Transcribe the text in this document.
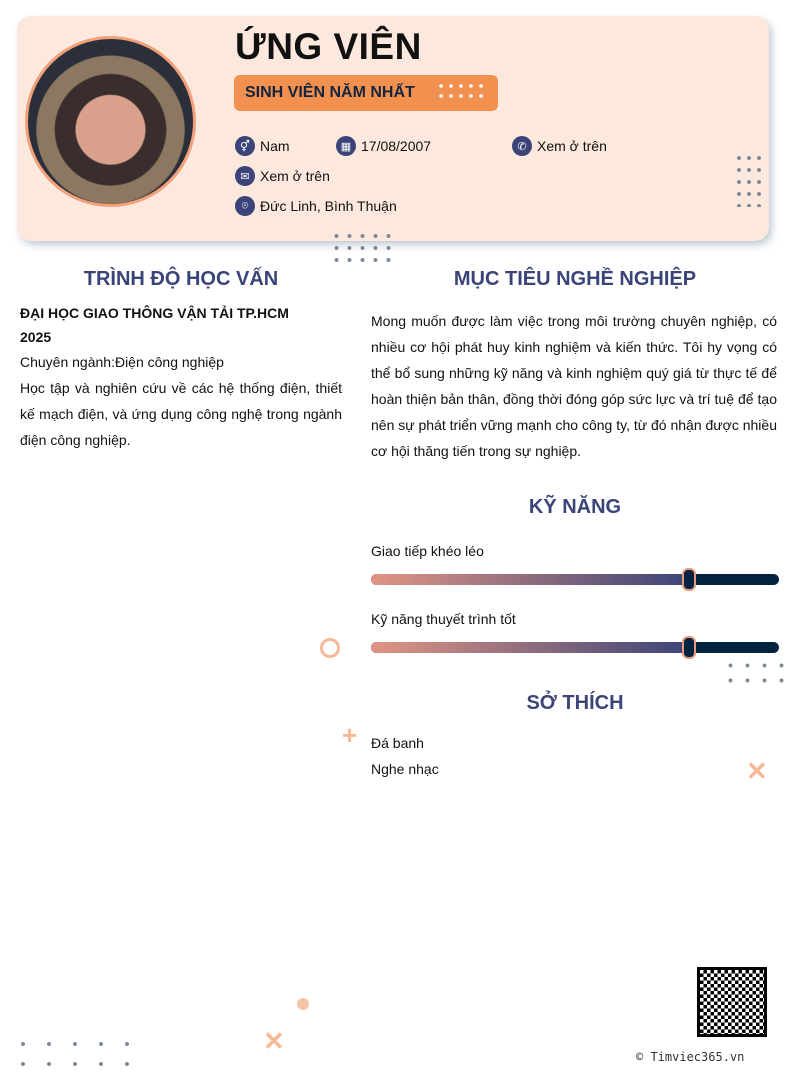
ỨNG VIÊN
SINH VIÊN NĂM NHẤT
⚥ Nam	▦ 17/08/2007	✆ Xem ở trên
✉ Xem ở trên
⌾ Đức Linh, Bình Thuận
TRÌNH ĐỘ HỌC VẤN
ĐẠI HỌC GIAO THÔNG VẬN TẢI TP.HCM
2025
Chuyên ngành:Điện công nghiệp
Học tập và nghiên cứu về các hệ thống điện, thiết kế mạch điện, và ứng dụng công nghệ trong ngành điện công nghiệp.
MỤC TIÊU NGHỀ NGHIỆP
Mong muốn được làm việc trong môi trường chuyên nghiệp, có nhiều cơ hội phát huy kinh nghiệm và kiến thức. Tôi hy vọng có thể bổ sung những kỹ năng và kinh nghiệm quý giá từ thực tế để hoàn thiện bản thân, đồng thời đóng góp sức lực và trí tuệ để tạo nên sự phát triển vững mạnh cho công ty, từ đó nhận được nhiều cơ hội thăng tiến trong sự nghiệp.
KỸ NĂNG
Giao tiếp khéo léo
Kỹ năng thuyết trình tốt
SỞ THÍCH
Đá banh
Nghe nhạc
+
✕
✕
© Timviec365.vn
